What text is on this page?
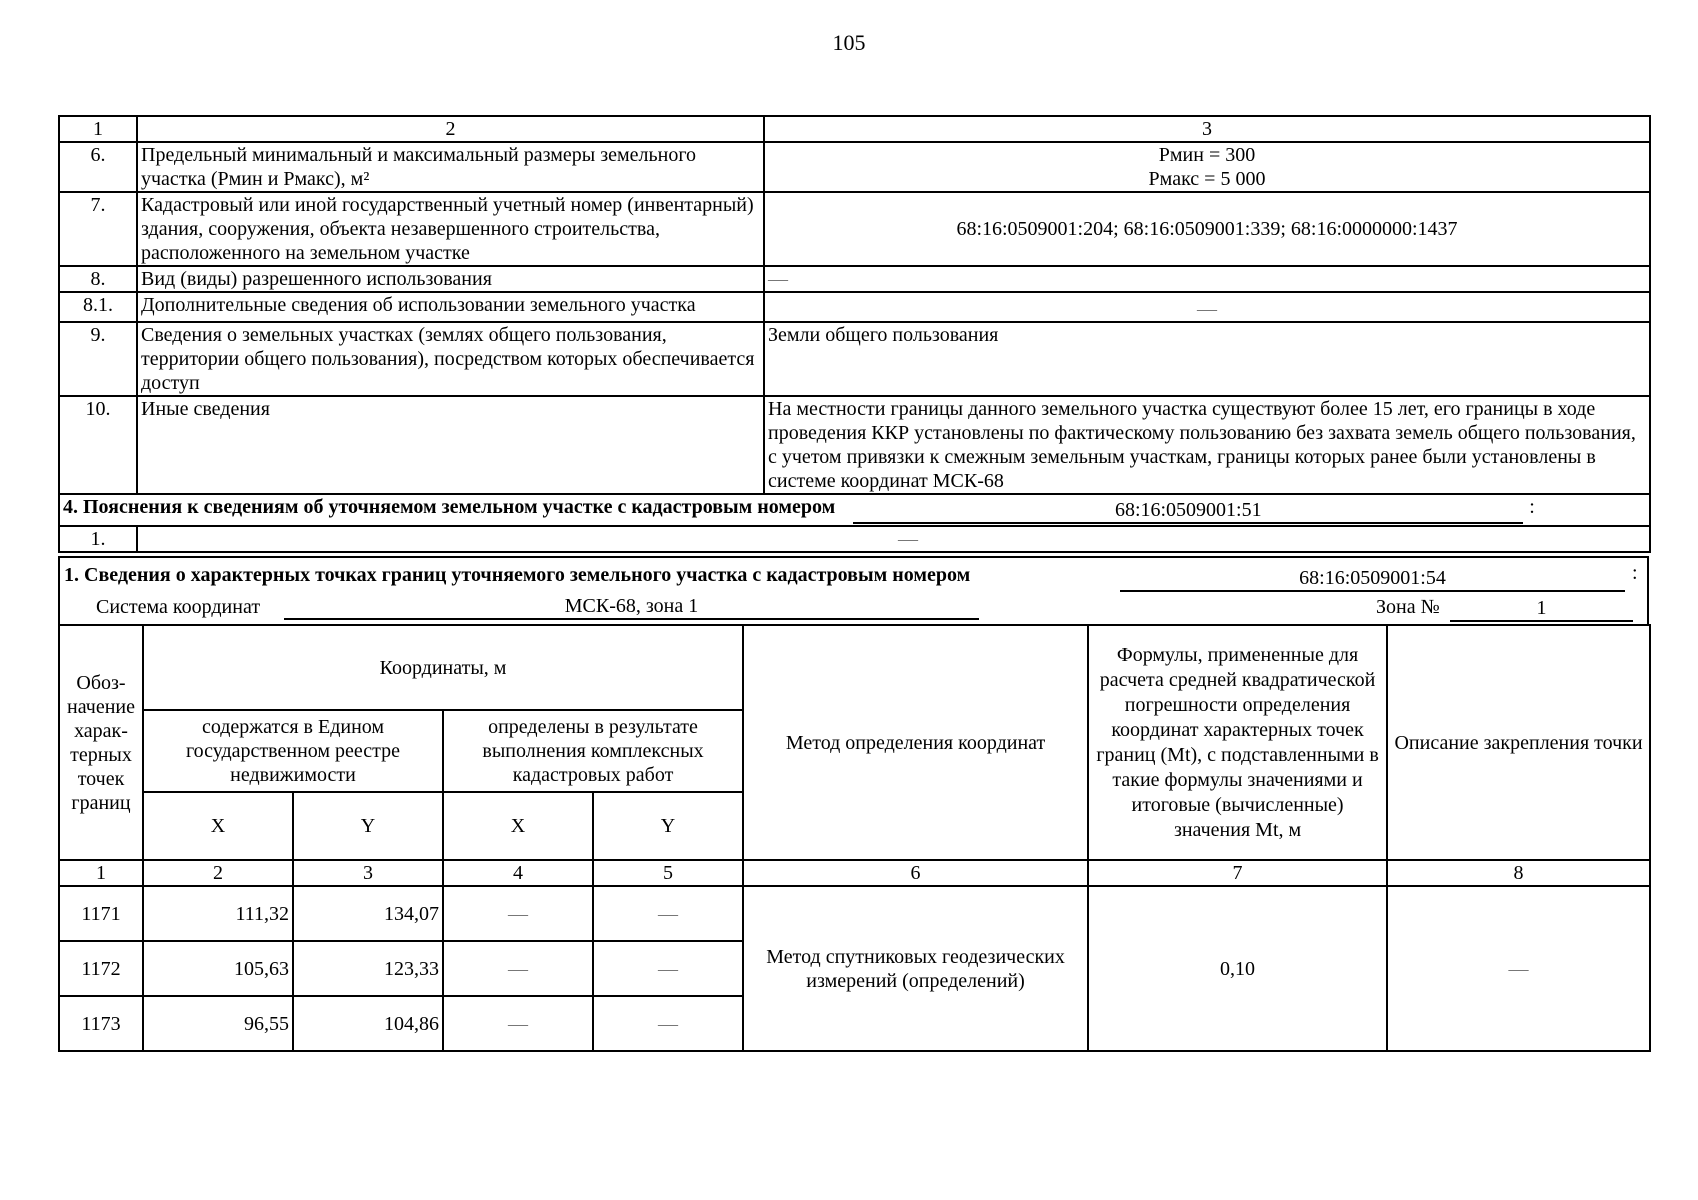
105
1	2	3
6.	Предельный минимальный и максимальный размеры земельного участка (Рмин и Рмакс), м²	Рмин = 300
Рмакс = 5 000

7.	Кадастровый или иной государственный учетный номер (инвентарный) здания, сооружения, объекта незавершенного строительства, расположенного на земельном участке	68:16:0509001:204; 68:16:0509001:339; 68:16:0000000:1437
8.	Вид (виды) разрешенного использования	—
8.1.	Дополнительные сведения об использовании земельного участка	—
9.	Сведения о земельных участках (землях общего пользования, территории общего пользования), посредством которых обеспечивается доступ	Земли общего пользования
10.	Иные сведения	На местности границы данного земельного участка существуют более 15 лет, его границы в ходе проведения ККР установлены по фактическому пользованию без захвата земель общего пользования, с учетом привязки к смежным земельным участкам, границы которых ранее были установлены в системе координат МСК-68

4. Пояснения к сведениям об уточняемом земельном участке с кадастровым номером 68:16:0509001:51 :		

1.	—	
1. Сведения о характерных точках границ уточняемого земельного участка с кадастровым номером	68:16:0509001:54	:
Система координат	МСК-68, зона 1	Зона №	1
Обоз-начение харак-терных точек границ	Координаты, м				Метод определения координат	Формулы, примененные для расчета средней квадратической погрешности определения координат характерных точек границ (Mt), с подставленными в такие формулы значениями и итоговые (вычисленные) значения Mt, м	Описание закрепления точки
	содержатся в Едином государственном реестре недвижимости		определены в результате выполнения комплексных кадастровых работ				
	X	Y	X	Y			
1	2	3	4	5	6	7	8
1171	111,32	134,07	—	—	Метод спутниковых геодезических измерений (определений)	0,10	—
1172	105,63	123,33	—	—			
1173	96,55	104,86	—	—			
